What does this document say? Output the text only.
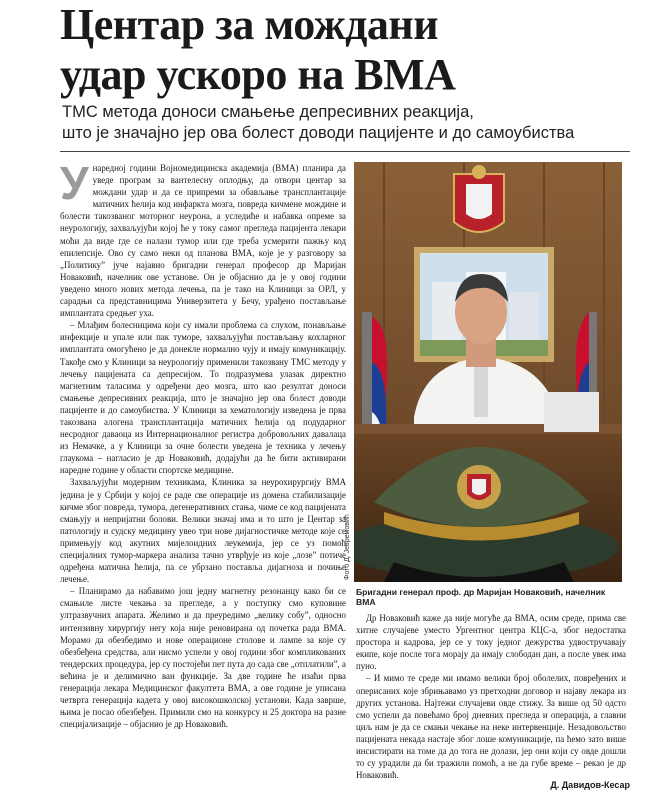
Центар за мождани
удар ускоро на ВМА

ТМС метода доноси смањење депресивних реакција,
што је значајно јер ова болест доводи пацијенте и до самоубиства

У наредној години Војномедицинска академија (ВМА) планира да уведе програм за вантелесну оплодњу, да отвори центар за мождани удар и да се припреми за обављање трансплантације матичних ћелија код инфаркта мозга, повреда кичмене мождине и болести такозваног моторног неурона, а уследиће и набавка опреме за неурологију, захваљујући којој ће у току самог прегледа пацијента лекари моћи да виде где се налази тумор или где треба усмерити пажњу код епилепсије. Ово су само неки од планова ВМА, које је у разговору за „Политику” јуче најавио бригадни генерал професор др Маријан Новаковић, начелник ове установе. Он је објаснио да је у овој години уведено много нових метода лечења, па је тако на Клиници за ОРЛ, у сарадњи са представницима Универзитета у Бечу, урађено постављање имплантата средњег уха.

– Млађим болесницима који су имали проблема са слухом, понављање инфекције и упале или пак туморе, захваљујући постављању кохларног имплантата омогућено је да донекле нормално чују и имају комуникацију. Такође смо у Клиници за неурологију применили такозвану ТМС методу у лечењу пацијената са депресијом. То подразумева улазак директно магнетним таласима у одређени део мозга, што као резултат доноси смањење депресивних реакција, што је значајно јер ова болест доводи пацијенте и до самоубиства. У Клиници за хематологију изведена је прва такозвана алогена трансплантација матичних ћелија од подударног несродног даваоца из Интернационалног регистра добровољних давалаца из Немачке, а у Клиници за очне болести уведена је техника у лечењу глаукома – нагласио је др Новаковић, додајући да ће бити активирани наредне године у области спортске медицине.

Захваљујући модерним техникама, Клиника за неурохирургију ВМА једина је у Србији у којој се раде све операције из домена стабилизације кичме због повреда, тумора, дегенеративних стања, чиме се код пацијената смањују и непријатни болови. Велики значај има и то што је Центар за патологију и судску медицину увео три нове дијагностичке методе које се примењују код акутних мијелоидних леукемија, јер се уз помоћ специјалних тумор-маркера анализа тачно утврђује из које „лозе” потиче одређена матична ћелија, па се убрзано поставља дијагноза и почиње лечење.

– Планирамо да набавимо још једну магнетну резонанцу како би се смањиле листе чекања за прегледе, а у поступку смо куповине ултразвучних апарата. Желимо и да преуредимо „велику собу”, односно интензивну хирургију негу која није реновирана од почетка рада ВМА. Морамо да обезбедимо и нове операционе столове и лампе за које су обезбеђена средства, али нисмо успели у овој години због компликованих тендерских процедура, јер су постојећи пет пута до сада све „отплатили”, а већина је и делимично ван функције. За две године ће изаћи прва генерација лекара Медицинског факултета ВМА, а ове године је уписана четврта генерација кадета у овој високошколској установи. Када заврше, њима је посао обезбеђен. Примили смо на конкурсу и 25 доктора на разне специјализације – објаснио је др Новаковић.

Фото Д. Јевремовић
Бригадни генерал проф. др Маријан Новаковић, начелник ВМА

Др Новаковић каже да није могуће да ВМА, осим среде, прима све хитне случајеве уместо Ургентног центра КЦС-а, због недостатка простора и кадрова, јер се у току једног дежурства удвостручавају екипе, које после тога морају да имају слободан дан, а после увек има пуно.

– И мимо те среде ми имамо велики број оболелих, повређених и оперисаних које збрињавамо уз претходни договор и најаву лекара из других установа. Најтежи случајеви овде стижу. За више од 50 одсто смо успели да повећамо број дневних прегледа и операција, а главни циљ нам је да се смањи чекање на неке интервенције. Незадовољство пацијената некада настаје због лоше комуникације, па ћемо зато више инсистирати на томе да до тога не долази, јер они који су овде дошли то су урадили да би тражили помоћ, а не да губе време – рекао је др Новаковић.

Д. Давидов-Кесар
